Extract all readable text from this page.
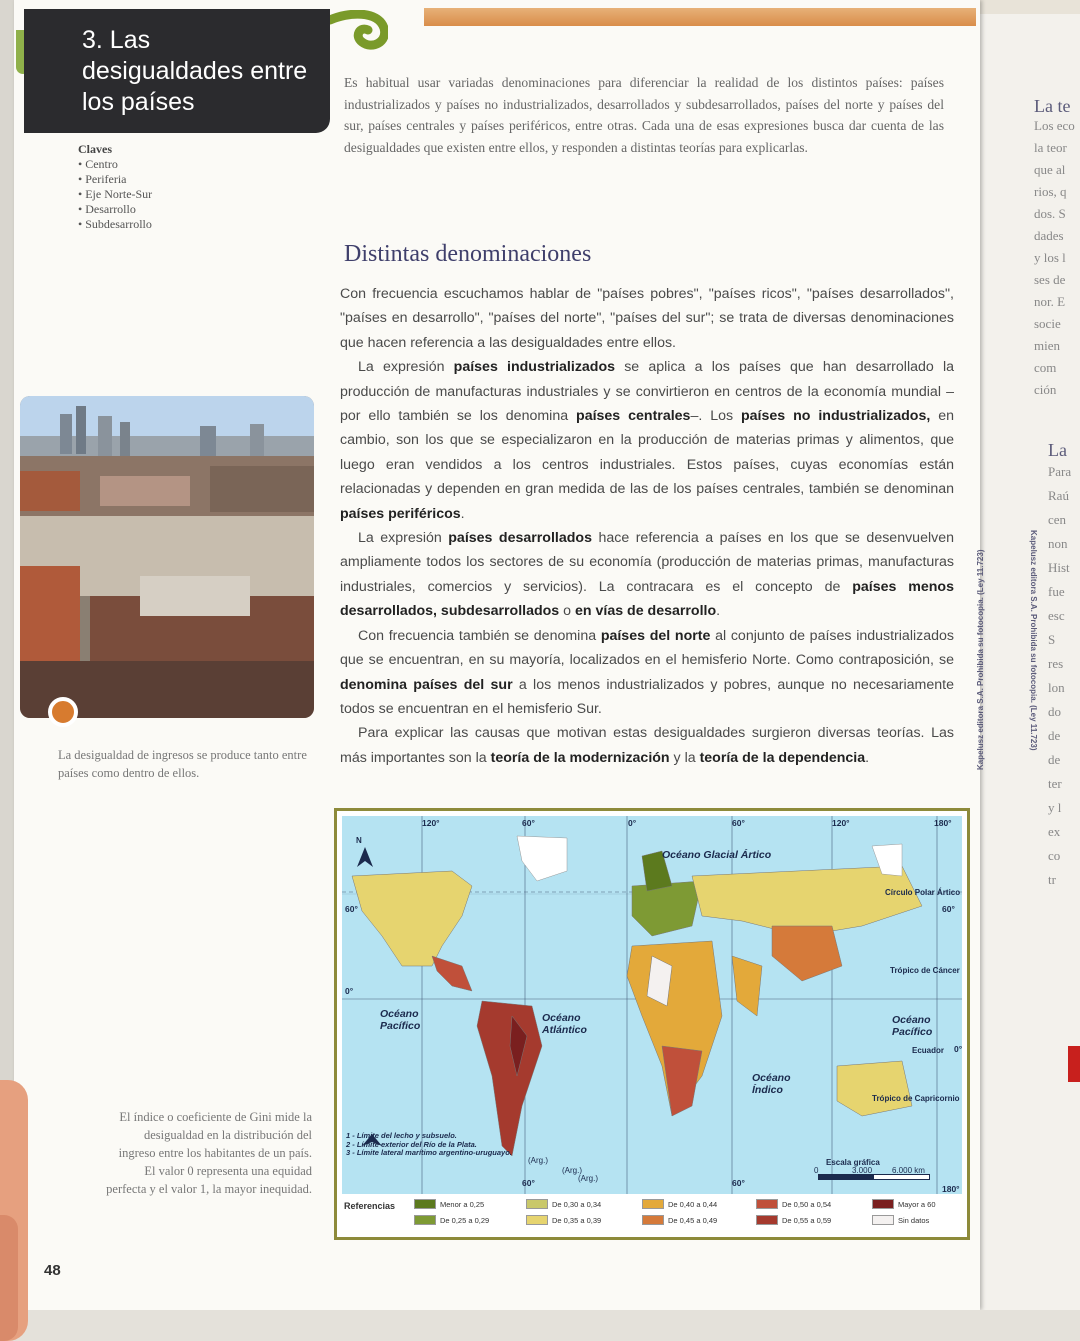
La te
Los eco
la teor
que al
rios, q
dos. S
dades
y los l
ses de
nor. E
socie
mien
com
ción
La
Para
Raú
cen
non
Hist
fue
esc
S
res
lon
do
de
de
ter
y l
ex
co
tr
Kapelusz editora S.A. Prohibida su fotocopia. (Ley 11.723)
3. Las desigualdades entre los países
Claves
• Centro
• Periferia
• Eje Norte-Sur
• Desarrollo
• Subdesarrollo
Es habitual usar variadas denominaciones para diferenciar la realidad de los distintos países: países industrializados y países no industrializados, desarrollados y subdesarrollados, países del norte y países del sur, países centrales y países periféricos, entre otras. Cada una de esas expresiones busca dar cuenta de las desigualdades que existen entre ellos, y responden a distintas teorías para explicarlas.
Distintas denominaciones

Con frecuencia escuchamos hablar de "países pobres", "países ricos", "países desarrollados", "países en desarrollo", "países del norte", "países del sur"; se trata de diversas denominaciones que hacen referencia a las desigualdades entre ellos.

La expresión países industrializados se aplica a los países que han desarrollado la producción de manufacturas industriales y se convirtieron en centros de la economía mundial –por ello también se los denomina países centrales–. Los países no industrializados, en cambio, son los que se especializaron en la producción de materias primas y alimentos, que luego eran vendidos a los centros industriales. Estos países, cuyas economías están relacionadas y dependen en gran medida de las de los países centrales, también se denominan países periféricos.

La expresión países desarrollados hace referencia a países en los que se desenvuelven ampliamente todos los sectores de su economía (producción de materias primas, manufacturas industriales, comercios y servicios). La contracara es el concepto de países menos desarrollados, subdesarrollados o en vías de desarrollo.

Con frecuencia también se denomina países del norte al conjunto de países industrializados que se encuentran, en su mayoría, localizados en el hemisferio Norte. Como contraposición, se denomina países del sur a los menos industrializados y pobres, aunque no necesariamente todos se encuentran en el hemisferio Sur.

Para explicar las causas que motivan estas desigualdades surgieron diversas teorías. Las más importantes son la teoría de la modernización y la teoría de la dependencia.

La desigualdad de ingresos se produce tanto entre países como dentro de ellos.
El índice o coeficiente de Gini mide la desigualdad en la distribución del ingreso entre los habitantes de un país. El valor 0 representa una equidad perfecta y el valor 1, la mayor inequidad.
48
Kapelusz editora S.A. Prohibida su fotocopia. (Ley 11.723)
N
Océano Glacial Ártico
Círculo Polar Ártico
Trópico de Cáncer
Ecuador
Trópico de Capricornio
Océano Pacífico
Océano Atlántico
Océano Pacífico
Océano Índico
120°	60°	0°	60°	120°	180°
60°
0°
60°
60°	60°
0°
180°
(Arg.)
(Arg.)
(Arg.)
1 - Límite del lecho y subsuelo.
2 - Límite exterior del Río de la Plata.
3 - Límite lateral marítimo argentino-uruguayo.
Escala gráfica
0	3.000 6.000 km
Referencias	Menor a 0,25
De 0,25 a 0,29
De 0,30 a 0,34
De 0,35 a 0,39
De 0,40 a 0,44
De 0,45 a 0,49
De 0,50 a 0,54
De 0,55 a 0,59
Mayor a 60
Sin datos
